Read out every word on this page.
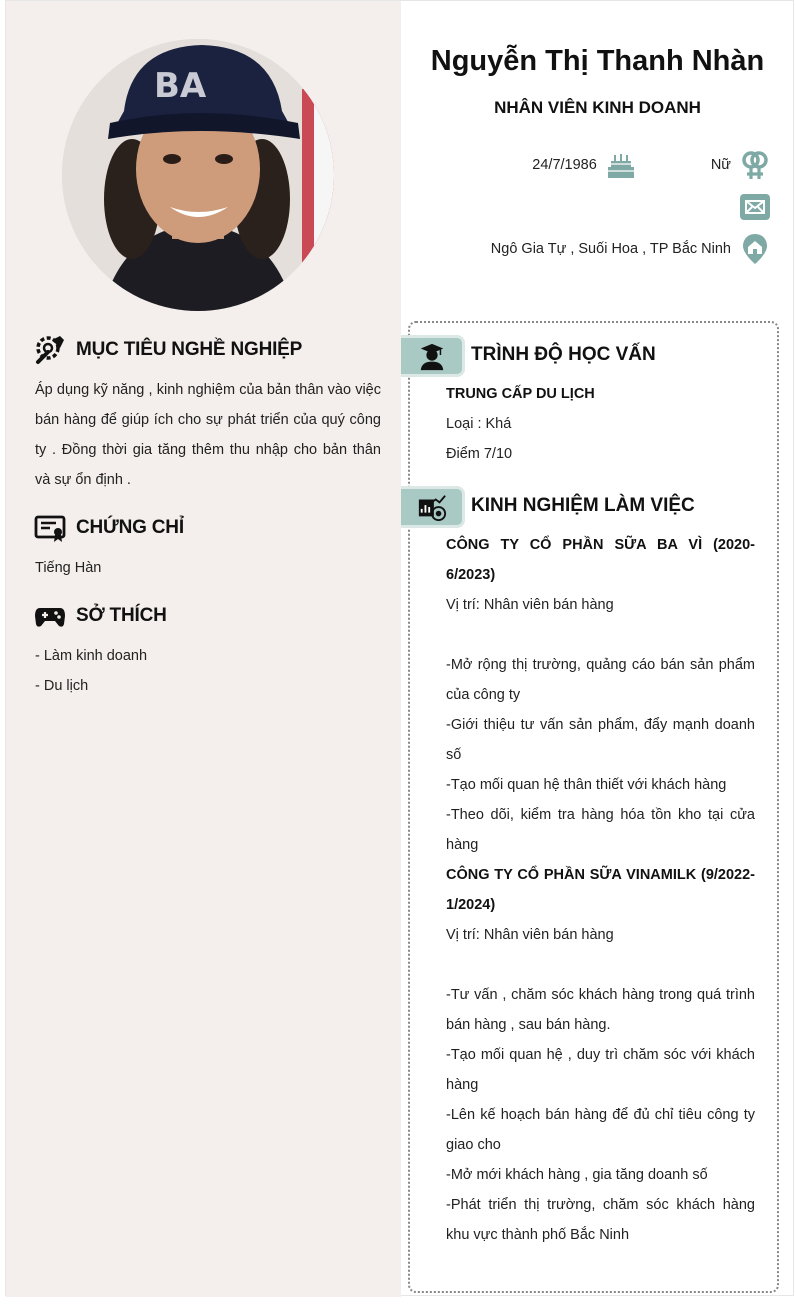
BA
MỤC TIÊU NGHỀ NGHIỆP
Áp dụng kỹ năng , kinh nghiệm của bản thân vào việc bán hàng để giúp ích cho sự phát triển của quý công ty . Đồng thời gia tăng thêm thu nhập cho bản thân và sự ổn định .
CHỨNG CHỈ
Tiếng Hàn
SỞ THÍCH
- Làm kinh doanh
- Du lịch
Nguyễn Thị Thanh Nhàn
NHÂN VIÊN KINH DOANH
24/7/1986	Nữ
Ngô Gia Tự , Suối Hoa , TP Bắc Ninh
TRÌNH ĐỘ HỌC VẤN
TRUNG CẤP DU LỊCH
Loại : Khá
Điểm 7/10
KINH NGHIỆM LÀM VIỆC
CÔNG TY CỔ PHẦN SỮA BA VÌ (2020-6/2023)
Vị trí: Nhân viên bán hàng
-Mở rộng thị trường, quảng cáo bán sản phẩm của công ty
-Giới thiệu tư vấn sản phẩm, đẩy mạnh doanh số
-Tạo mối quan hệ thân thiết với khách hàng
-Theo dõi, kiểm tra hàng hóa tồn kho tại cửa hàng
CÔNG TY CỔ PHẦN SỮA VINAMILK (9/2022-1/2024)
Vị trí: Nhân viên bán hàng
-Tư vấn , chăm sóc khách hàng trong quá trình bán hàng , sau bán hàng.
-Tạo mối quan hệ , duy trì chăm sóc với khách hàng
-Lên kế hoạch bán hàng để đủ chỉ tiêu công ty giao cho
-Mở mới khách hàng , gia tăng doanh số
-Phát triển thị trường, chăm sóc khách hàng khu vực thành phố Bắc Ninh
